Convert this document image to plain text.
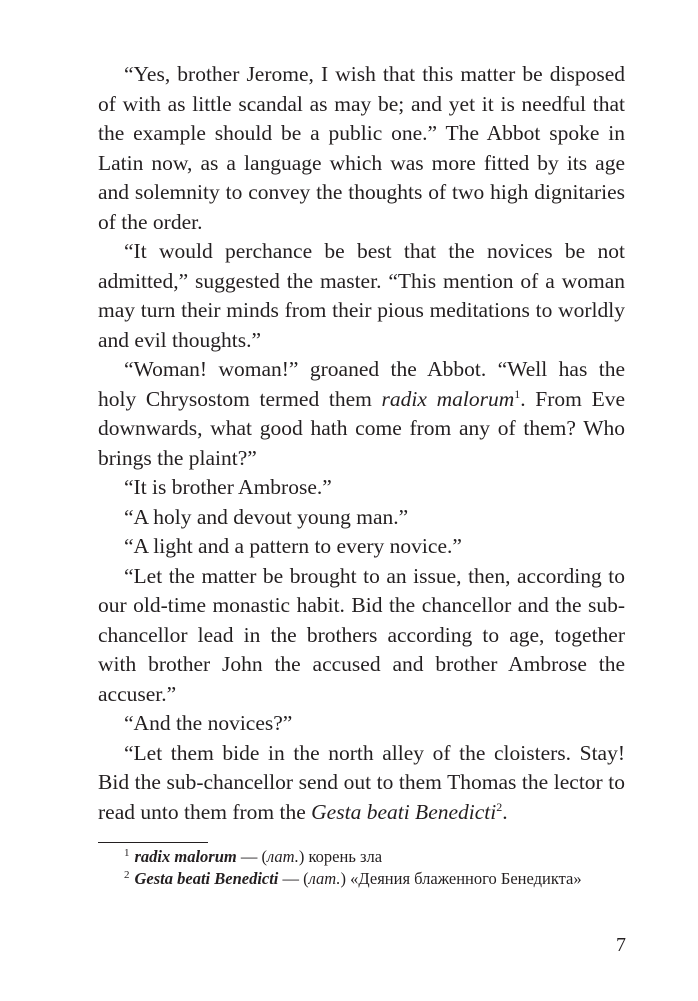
“Yes, brother Jerome, I wish that this matter be disposed of with as little scandal as may be; and yet it is needful that the example should be a public one.” The Abbot spoke in Latin now, as a language which was more fitted by its age and solemnity to convey the thoughts of two high dignitaries of the order.

“It would perchance be best that the novices be not admitted,” suggested the master. “This mention of a woman may turn their minds from their pious meditations to worldly and evil thoughts.”

“Woman! woman!” groaned the Abbot. “Well has the holy Chrysostom termed them radix malorum$^1$. From Eve downwards, what good hath come from any of them? Who brings the plaint?”

“It is brother Ambrose.”

“A holy and devout young man.”

“A light and a pattern to every novice.”

“Let the matter be brought to an issue, then, according to our old-time monastic habit. Bid the chancellor and the sub-chancellor lead in the brothers according to age, together with brother John the accused and brother Ambrose the accuser.”

“And the novices?”

“Let them bide in the north alley of the cloisters. Stay! Bid the sub-chancellor send out to them Thomas the lector to read unto them from the Gesta beati Benedicti$^2$.

$^1$ radix malorum — (лат.) корень зла

$^2$ Gesta beati Benedicti — (лат.) «Деяния блаженного Бенедикта»

7
